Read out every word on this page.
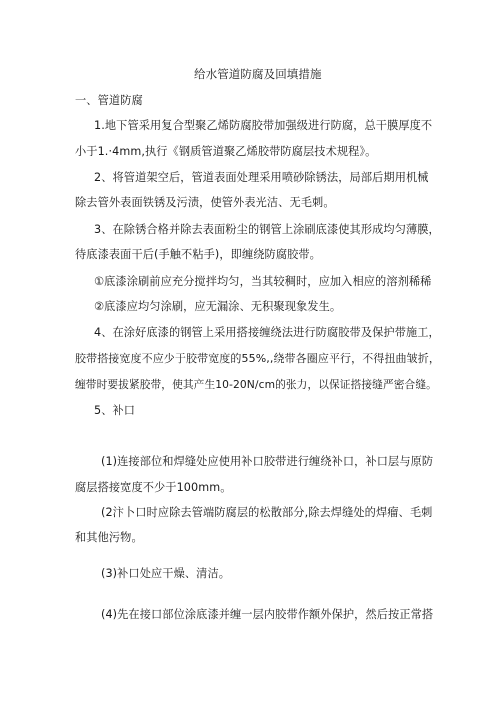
给水管道防腐及回填措施
一、管道防腐
1.地下管采用复合型聚乙烯防腐胶带加强级进行防腐，总干膜厚度不
小于1.·4mm,执行《钢质管道聚乙烯胶带防腐层技术规程》。
2、将管道架空后，管道表面处理采用喷砂除锈法，局部后期用机械
除去管外表面铁锈及污渍，使管外表光洁、无毛刺。
3、在除锈合格并除去表面粉尘的钢管上涂刷底漆使其形成均匀薄膜，
待底漆表面干后(手触不粘手)，即缠绕防腐胶带。
①底漆涂刷前应充分搅拌均匀，当其较稠时，应加入相应的溶剂稀稀
②底漆应均匀涂刷，应无漏涂、无积聚现象发生。
4、在涂好底漆的钢管上采用搭接缠绕法进行防腐胶带及保护带施工，
胶带搭接宽度不应少于胶带宽度的55%,,绕带各圈应平行，不得扭曲皱折，
缠带时要拔紧胶带，使其产生10-20N∕cm的张力，以保证搭接缝严密合缝。
5、补口
(1)连接部位和焊缝处应使用补口胶带进行缠绕补口，补口层与原防
腐层搭接宽度不少于100mm。
(2汴卜口时应除去管端防腐层的松散部分,除去焊缝处的焊瘤、毛刺
和其他污物。
(3)补口处应干燥、清洁。
(4)先在接口部位涂底漆并缠一层内胶带作额外保护，然后按正常搭
